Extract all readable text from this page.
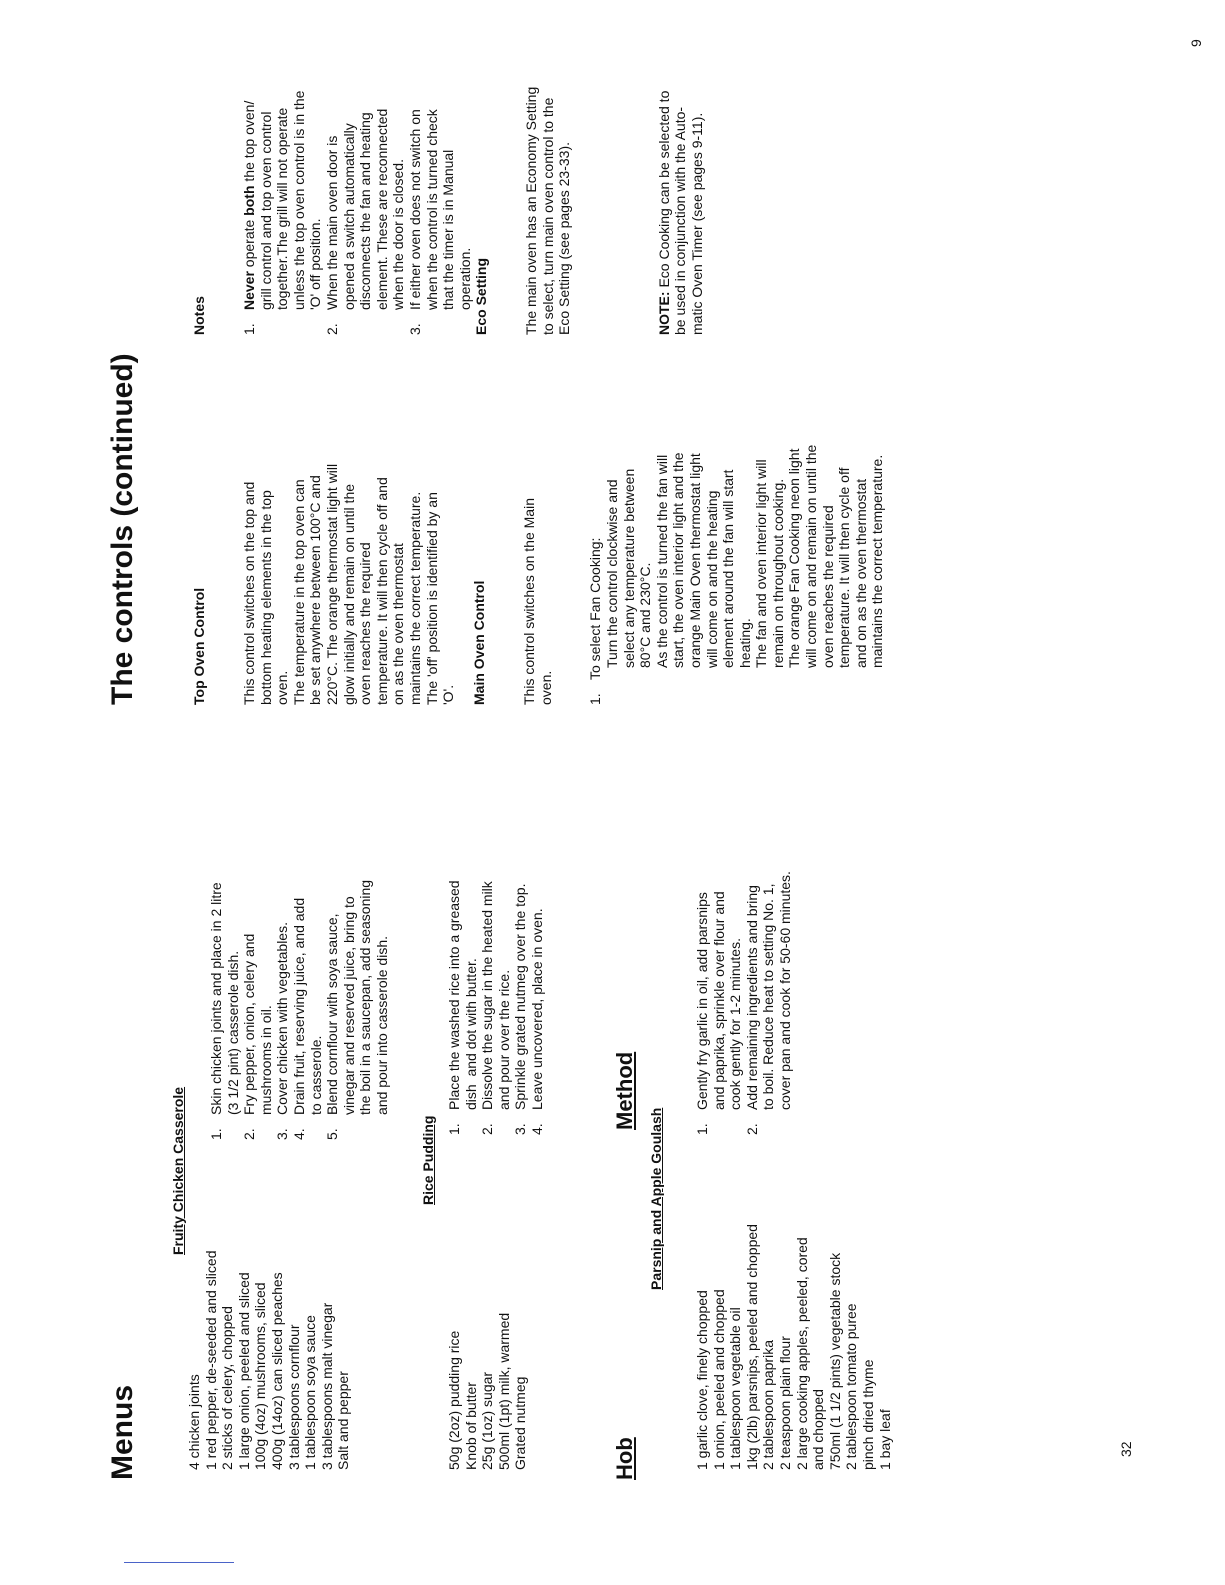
Menus	4 chicken joints 1 red pepper, de-seeded and sliced 2 sticks of celery, chopped 1 large onion, peeled and sliced 100g (4oz) mushrooms, sliced 400g (14oz) can sliced peaches 3 tablespoons cornflour 1 tablespoon soya sauce 3 tablespoons malt vinegar Salt and pepper
Fruity Chicken Casserole 1.
Skin chicken joints and place in 2 litre (3 1/2 pint) casserole dish.
2.
Fry pepper, onion, celery and mushrooms in oil.
3.
Cover chicken with vegetables.
4.
Drain fruit, reserving juice, and add to casserole.
5.
Blend cornflour with soya sauce, vinegar and reserved juice, bring to the boil in a saucepan, add seasoning and pour into casserole dish.
Rice Pudding
50g (2oz) pudding rice Knob of butter 25g (1oz) sugar 500ml (1pt) milk, warmed Grated nutmeg
1.
Place the washed rice into a greased dish  and dot with butter.
2.
Dissolve the sugar in the heated milk and pour over the rice.
3.
Sprinkle grated nutmeg over the top.
4.
Leave uncovered, place in oven.
Hob
Method
Parsnip and Apple Goulash
1 garlic clove, finely chopped 1 onion, peeled and chopped 1 tablespoon vegetable oil 1kg (2lb) parsnips, peeled and chopped 2 tablespoon paprika 2 teaspoon plain flour 2 large cooking apples, peeled, cored and chopped 750ml (1 1/2 pints) vegetable stock 2 tablespoon tomato puree pinch dried thyme 1 bay leaf
1.
Gently fry garlic in oil, add parsnips and paprika, sprinkle over flour and cook gently for 1-2 minutes.
2.
Add remaining ingredients and bring to boil. Reduce heat to setting No. 1, cover pan and cook for 50-60 minutes.
32
The controls (continued)

	Top Oven Control

This control switches on the top and bottom heating elements in the top oven. The temperature in the top oven can be set anywhere between 100°C and 220°C. The orange thermostat light will glow initially and remain on until the oven reaches the required temperature. It will then cycle off and on as the oven thermostat maintains the correct temperature. The 'off' position is identified by an 'O'.

Main Oven Control

This control switches on the Main oven.

1.
To select Fan Cooking: Turn the control clockwise and select any temperature between 80°C and 230°C. As the control is turned the fan will start, the oven interior light and the orange Main Oven thermostat light will come on and the heating element around the fan will start heating. The fan and oven interior light will remain on throughout cooking. The orange Fan Cooking neon light will come on and remain on until the oven reaches the required temperature. It will then cycle off and on as the oven thermostat maintains the correct temperature.

Notes

1.
Never operate both the top oven/ grill control and top oven control together.The grill will not operate unless the top oven control is in the 'O' off position.
2.
When the main oven door is opened a switch automatically disconnects the fan and heating element. These are reconnected when the door is closed.
3.
If either oven does not switch on when the control is turned check that the timer is in Manual operation.

Eco Setting

The main oven has an Economy Setting to select, turn main oven control to the Eco Setting (see pages 23-33).

	NOTE: Eco Cooking can be selected to be used in conjunction with the Auto- matic Oven Timer (see pages 9-11).

9
